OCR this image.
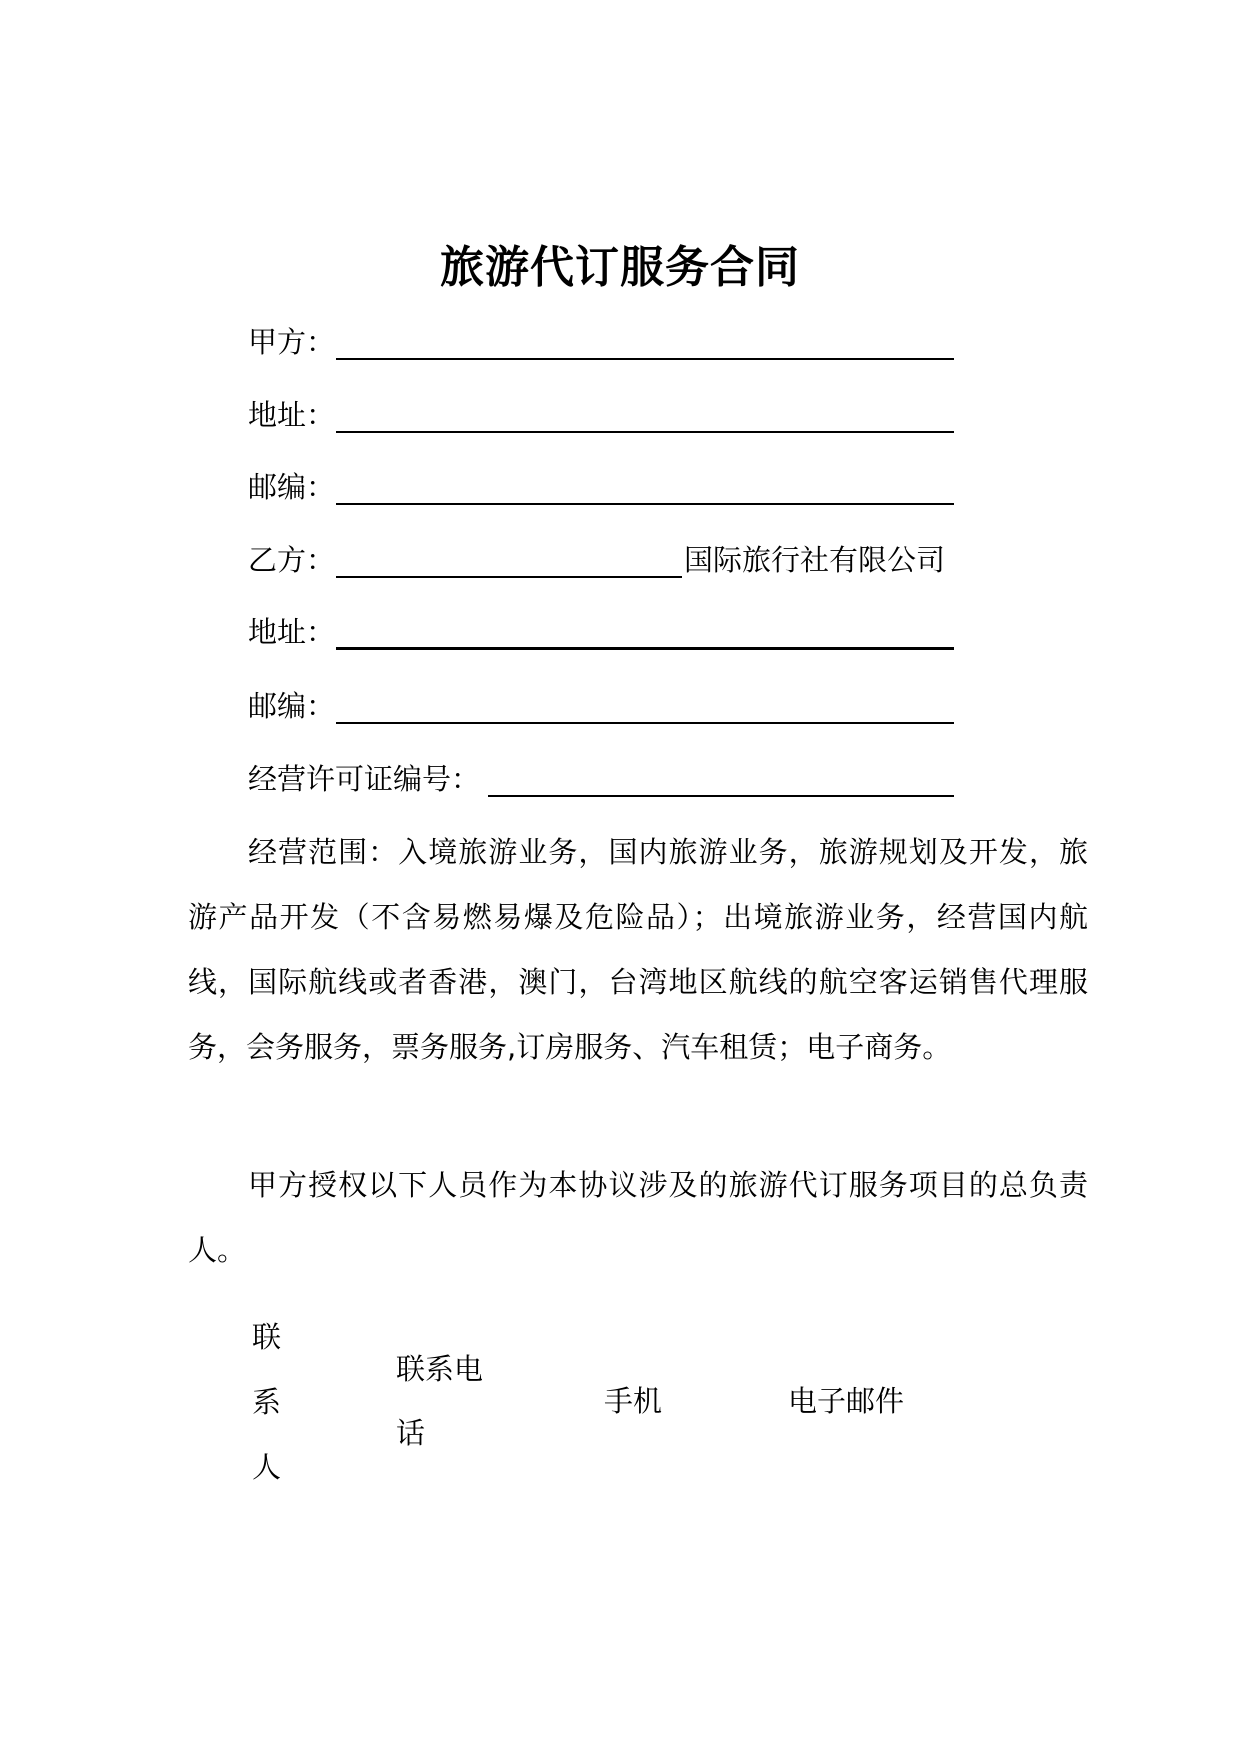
旅游代订服务合同
甲方：
地址：
邮编：
乙方：	国际旅行社有限公司
地址：
邮编：
经营许可证编号：
经营范围：入境旅游业务，国内旅游业务，旅游规划及开发，旅游产品开发（不含易燃易爆及危险品）；出境旅游业务，经营国内航线，国际航线或者香港，澳门，台湾地区航线的航空客运销售代理服务，会务服务，票务服务,订房服务、汽车租赁；电子商务。
甲方授权以下人员作为本协议涉及的旅游代订服务项目的总负责人。
联系人
联系电话
手机	电子邮件
